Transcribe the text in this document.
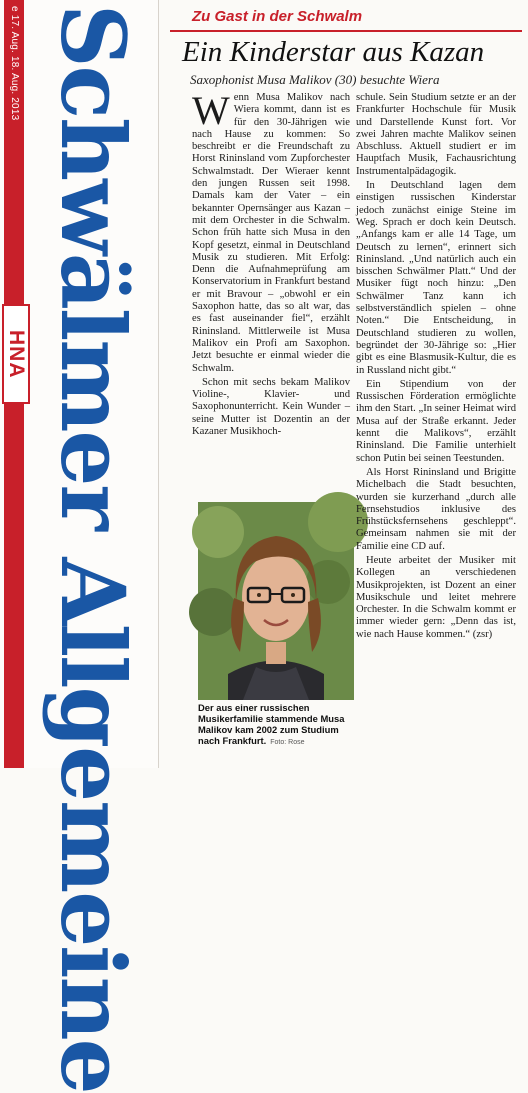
e 17. Aug. 18. Aug. 2013 Schwälmer Allgemeine
HNA
Zu Gast in der Schwalm
Ein Kinderstar aus Kazan
Saxophonist Musa Malikov (30) besuchte Wiera

Wenn Musa Malikov nach Wiera kommt, dann ist es für den 30-Jährigen wie nach Hause zu kommen: So beschreibt er die Freundschaft zu Horst Rininsland vom Zupforchester Schwalmstadt. Der Wieraer kennt den jungen Russen seit 1998. Damals kam der Vater – ein bekannter Opernsänger aus Kazan – mit dem Orchester in die Schwalm. Schon früh hatte sich Musa in den Kopf gesetzt, einmal in Deutschland Musik zu studieren. Mit Erfolg: Denn die Aufnahmeprüfung am Konservatorium in Frankfurt bestand er mit Bravour – „obwohl er ein Saxophon hatte, das so alt war, das es fast auseinander fiel“, erzählt Rininsland. Mittlerweile ist Musa Malikov ein Profi am Saxophon. Jetzt besuchte er einmal wieder die Schwalm.

Schon mit sechs bekam Malikov Violine-, Klavier- und Saxophonunterricht. Kein Wunder – seine Mutter ist Dozentin an der Kazaner Musikhoch-

Der aus einer russischen Musikerfamilie stammende Musa Malikov kam 2002 zum Studium nach Frankfurt. Foto: Rose

schule. Sein Studium setzte er an der Frankfurter Hochschule für Musik und Darstellende Kunst fort. Vor zwei Jahren machte Malikov seinen Abschluss. Aktuell studiert er im Hauptfach Musik, Fachausrichtung Instrumentalpädagogik.

In Deutschland lagen dem einstigen russischen Kinderstar jedoch zunächst einige Steine im Weg. Sprach er doch kein Deutsch. „Anfangs kam er alle 14 Tage, um Deutsch zu lernen“, erinnert sich Rininsland. „Und natürlich auch ein bisschen Schwälmer Platt.“ Und der Musiker fügt noch hinzu: „Den Schwälmer Tanz kann ich selbstverständlich spielen – ohne Noten.“ Die Entscheidung, in Deutschland studieren zu wollen, begründet der 30-Jährige so: „Hier gibt es eine Blasmusik-Kultur, die es in Russland nicht gibt.“

Ein Stipendium von der Russischen Förderation ermöglichte ihm den Start. „In seiner Heimat wird Musa auf der Straße erkannt. Jeder kennt die Malikovs“, erzählt Rininsland. Die Familie unterhielt schon Putin bei seinen Teestunden.

Als Horst Rininsland und Brigitte Michelbach die Stadt besuchten, wurden sie kurzerhand „durch alle Fernsehstudios inklusive des Frühstücksfernsehens geschleppt“. Gemeinsam nahmen sie mit der Familie eine CD auf.

Heute arbeitet der Musiker mit Kollegen an verschiedenen Musikprojekten, ist Dozent an einer Musikschule und leitet mehrere Orchester. In die Schwalm kommt er immer wieder gern: „Denn das ist, wie nach Hause kommen.“ (zsr)
